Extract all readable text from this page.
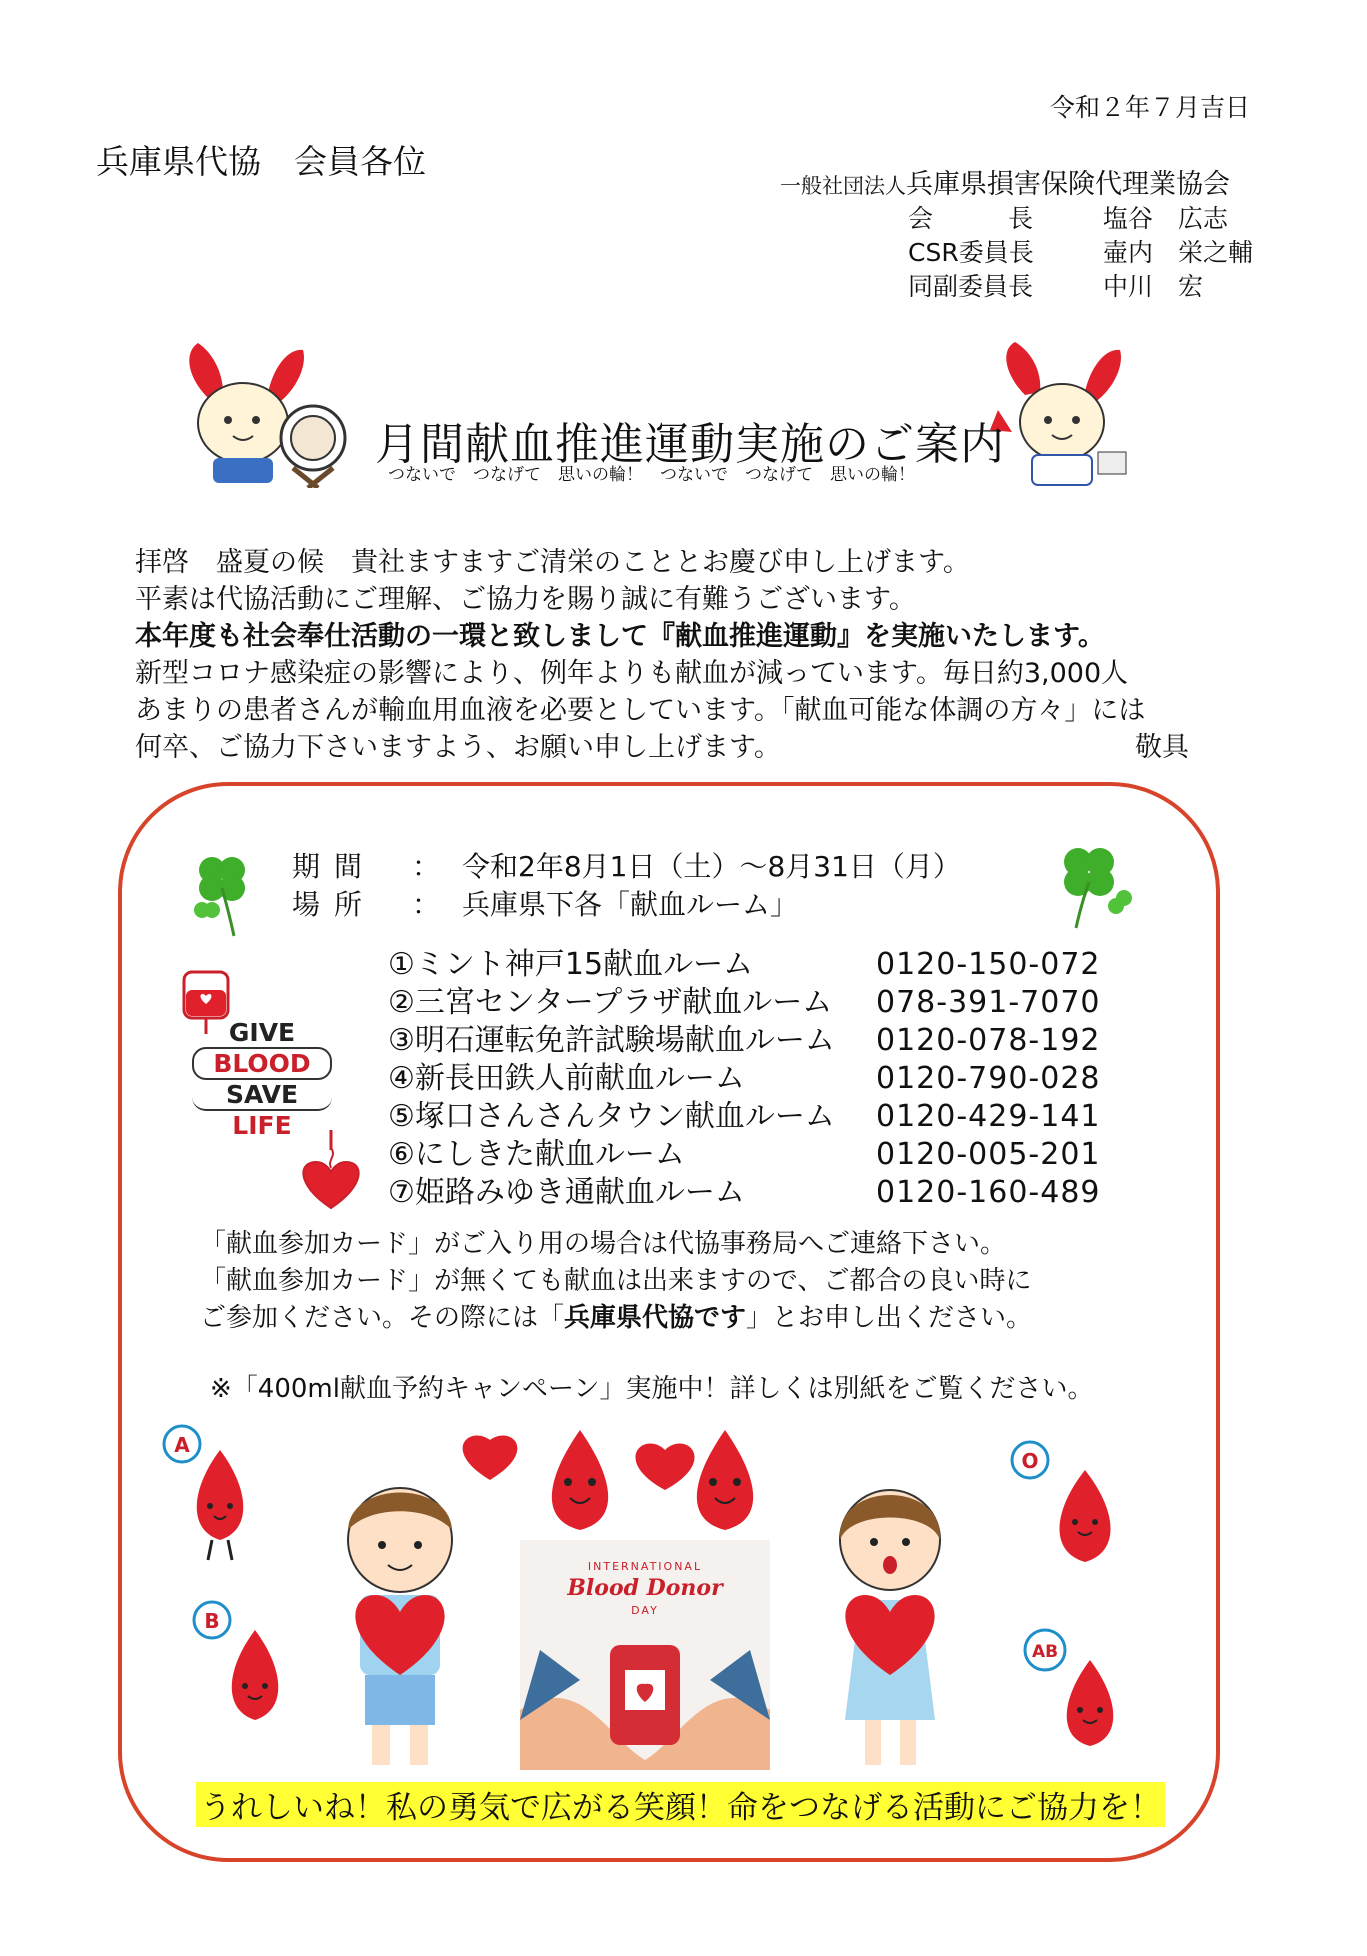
令和２年７月吉日
兵庫県代協　会員各位
一般社団法人兵庫県損害保険代理業協会
会　　　長	塩谷　広志
CSR委員長	壷内　栄之輔
同副委員長	中川　宏
月間献血推進運動実施のご案内
つないで　つなげて　思いの輪！　つないで　つなげて　思いの輪！
拝啓　盛夏の候　貴社ますますご清栄のこととお慶び申し上げます。
平素は代協活動にご理解、ご協力を賜り誠に有難うございます。
本年度も社会奉仕活動の一環と致しまして『献血推進運動』を実施いたします。
新型コロナ感染症の影響により、例年よりも献血が減っています。毎日約3,000人
あまりの患者さんが輸血用血液を必要としています。「献血可能な体調の方々」には
何卒、ご協力下さいますよう、お願い申し上げます。	敬具
期間	： 令和2年8月1日（土）～8月31日（月）
場所	： 兵庫県下各「献血ルーム」
GIVE
BLOOD
SAVE
LIFE
①ミント神戸15献血ルーム	0120-150-072
②三宮センタープラザ献血ルーム	078-391-7070
③明石運転免許試験場献血ルーム	0120-078-192
④新長田鉄人前献血ルーム	0120-790-028
⑤塚口さんさんタウン献血ルーム	0120-429-141
⑥にしきた献血ルーム	0120-005-201
⑦姫路みゆき通献血ルーム	0120-160-489
「献血参加カード」がご入り用の場合は代協事務局へご連絡下さい。
「献血参加カード」が無くても献血は出来ますので、ご都合の良い時に
ご参加ください。その際には「兵庫県代協です」とお申し出ください。
※「400ml献血予約キャンペーン」実施中！詳しくは別紙をご覧ください。
A
B
INTERNATIONAL
Blood Donor
DAY
O
AB
うれしいね！私の勇気で広がる笑顔！命をつなげる活動にご協力を！
